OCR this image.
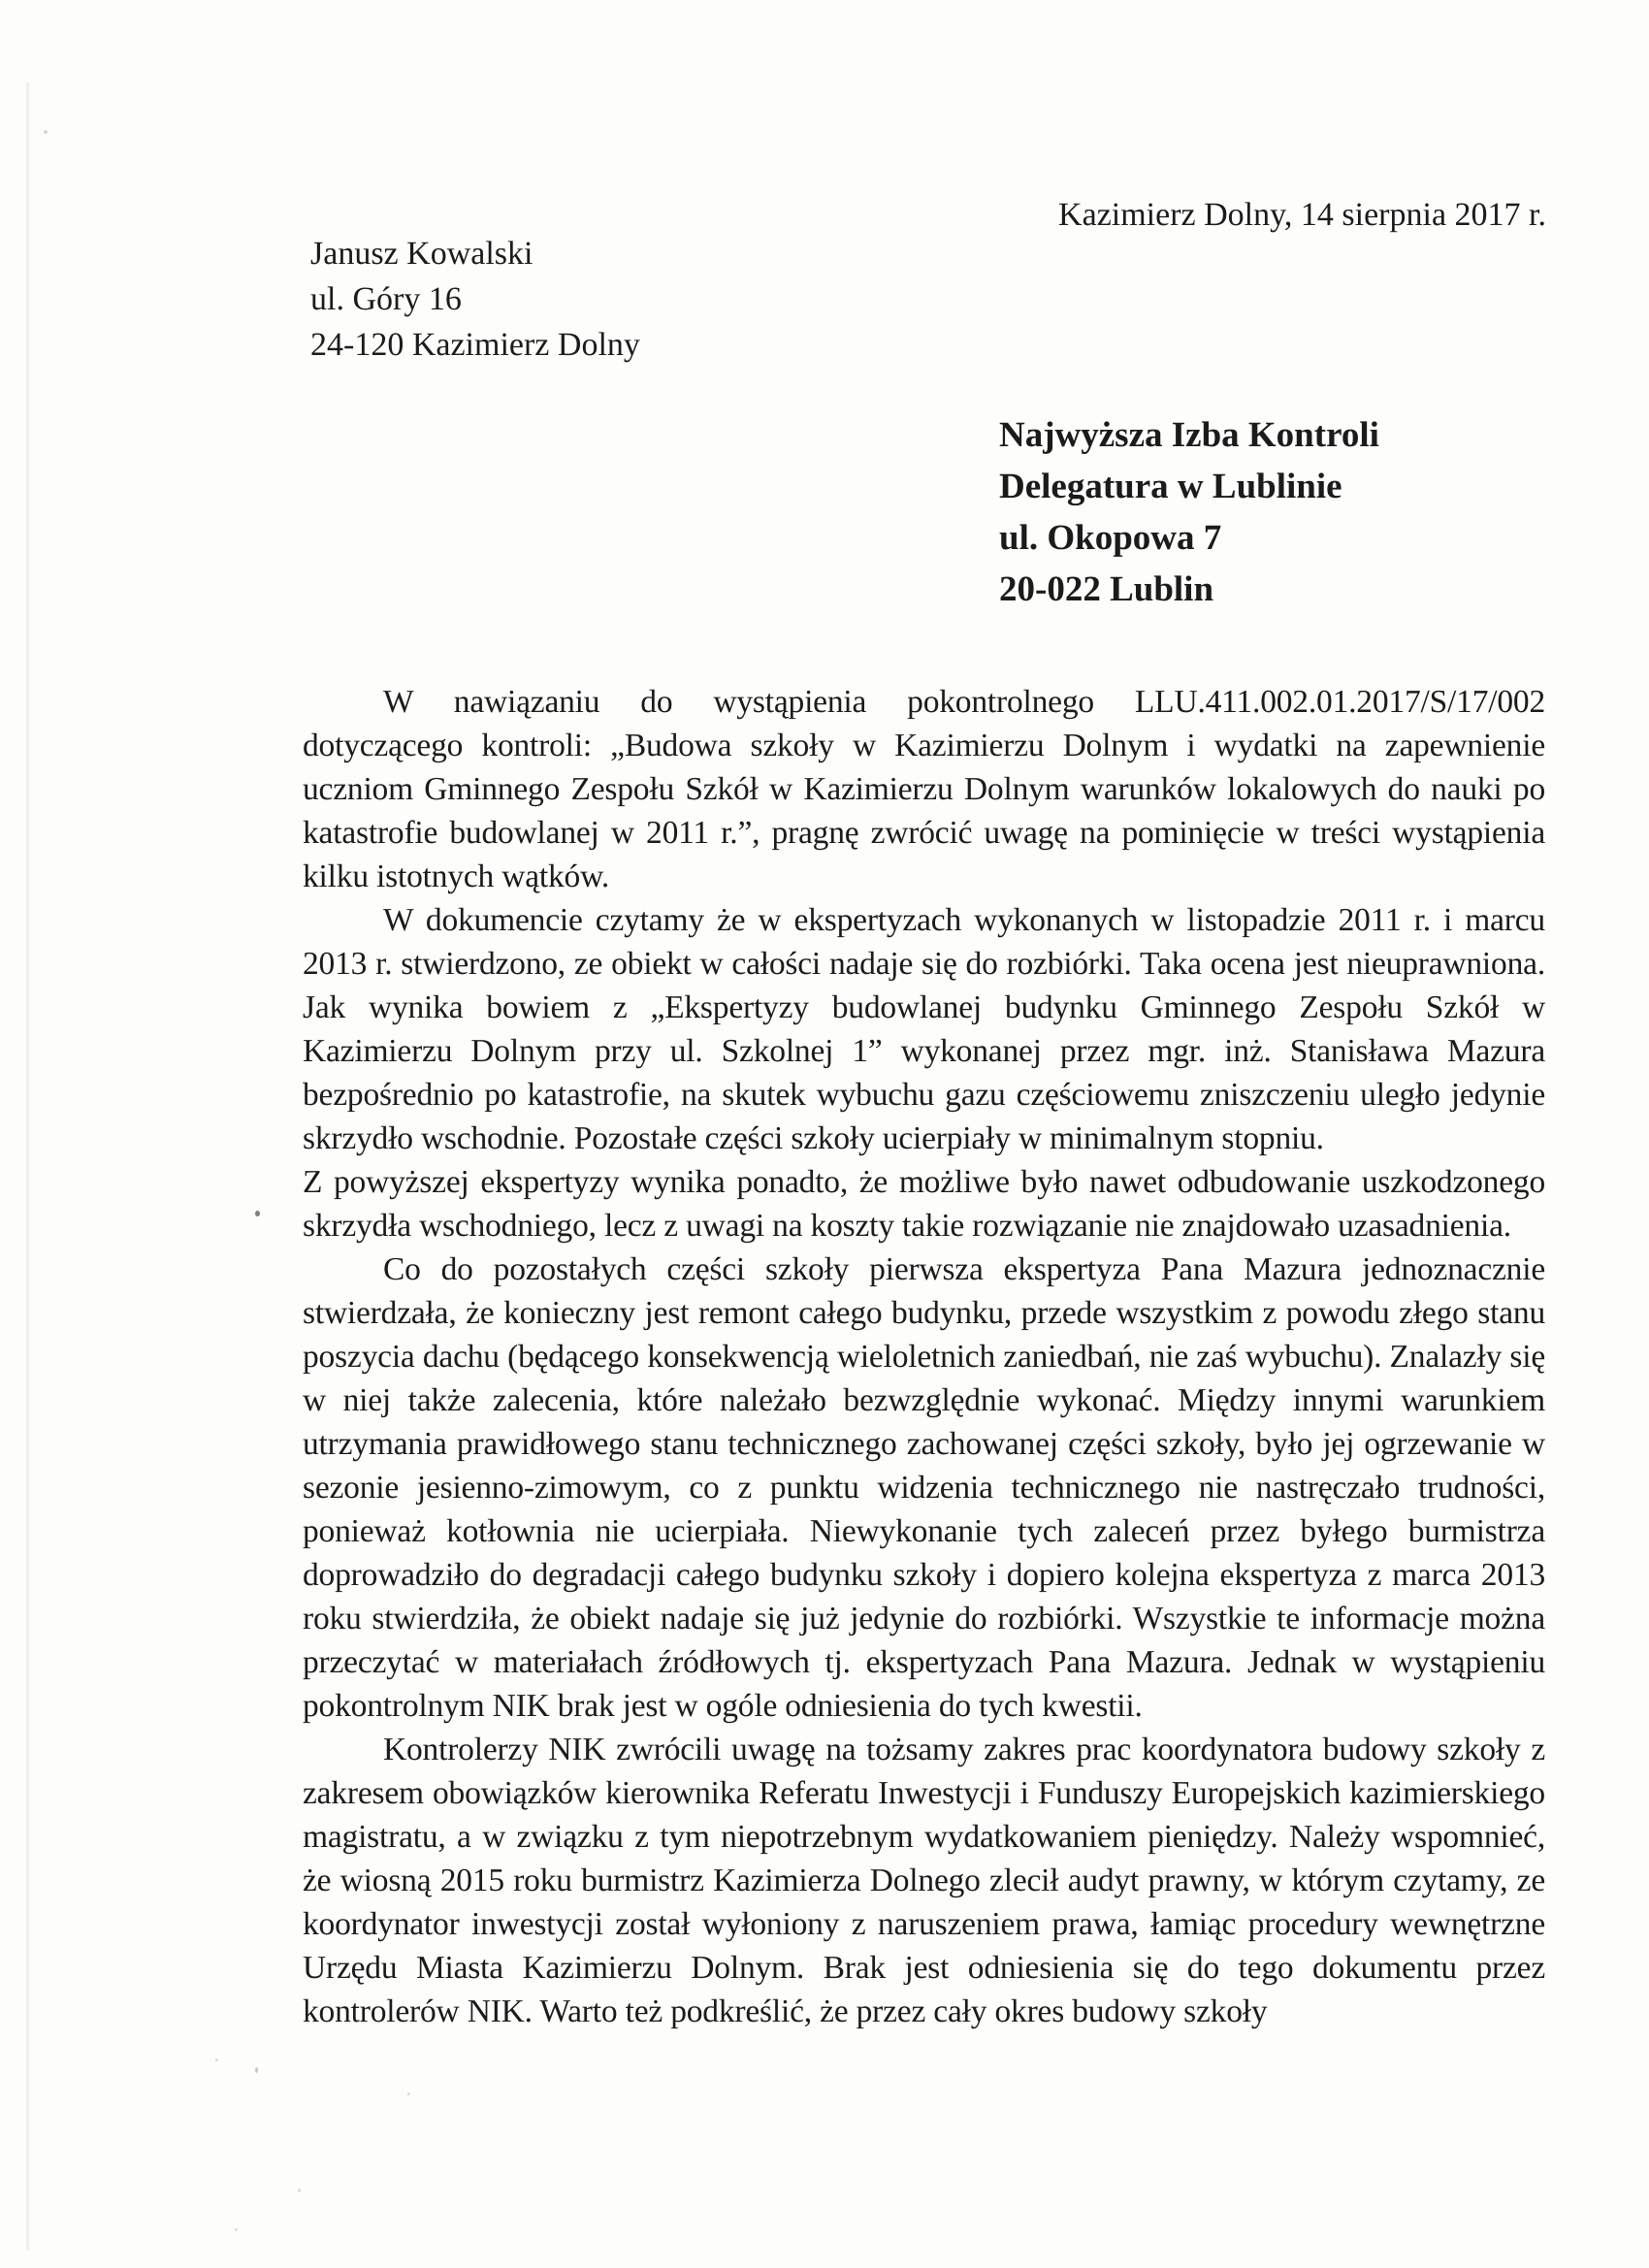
Kazimierz Dolny, 14 sierpnia 2017 r.
Janusz Kowalski
ul. Góry 16
24-120 Kazimierz Dolny
Najwyższa Izba Kontroli
Delegatura w Lublinie
ul. Okopowa 7
20-022 Lublin

W nawiązaniu do wystąpienia pokontrolnego LLU.411.002.01.2017/S/17/002 dotyczącego kontroli: „Budowa szkoły w Kazimierzu Dolnym i wydatki na zapewnienie uczniom Gminnego Zespołu Szkół w Kazimierzu Dolnym warunków lokalowych do nauki po katastrofie budowlanej w 2011 r.”, pragnę zwrócić uwagę na pominięcie w treści wystąpienia kilku istotnych wątków.

W dokumencie czytamy że w ekspertyzach wykonanych w listopadzie 2011 r. i marcu 2013 r. stwierdzono, ze obiekt w całości nadaje się do rozbiórki. Taka ocena jest nieuprawniona. Jak wynika bowiem z „Ekspertyzy budowlanej budynku Gminnego Zespołu Szkół w Kazimierzu Dolnym przy ul. Szkolnej 1” wykonanej przez mgr. inż. Stanisława Mazura bezpośrednio po katastrofie, na skutek wybuchu gazu częściowemu zniszczeniu uległo jedynie skrzydło wschodnie. Pozostałe części szkoły ucierpiały w minimalnym stopniu.

Z powyższej ekspertyzy wynika ponadto, że możliwe było nawet odbudowanie uszkodzonego skrzydła wschodniego, lecz z uwagi na koszty takie rozwiązanie nie znajdowało uzasadnienia.

Co do pozostałych części szkoły pierwsza ekspertyza Pana Mazura jednoznacznie stwierdzała, że konieczny jest remont całego budynku, przede wszystkim z powodu złego stanu poszycia dachu (będącego konsekwencją wieloletnich zaniedbań, nie zaś wybuchu). Znalazły się w niej także zalecenia, które należało bezwzględnie wykonać. Między innymi warunkiem utrzymania prawidłowego stanu technicznego zachowanej części szkoły, było jej ogrzewanie w sezonie jesienno-zimowym, co z punktu widzenia technicznego nie nastręczało trudności, ponieważ kotłownia nie ucierpiała. Niewykonanie tych zaleceń przez byłego burmistrza doprowadziło do degradacji całego budynku szkoły i dopiero kolejna ekspertyza z marca 2013 roku stwierdziła, że obiekt nadaje się już jedynie do rozbiórki. Wszystkie te informacje można przeczytać w materiałach źródłowych tj. ekspertyzach Pana Mazura. Jednak w wystąpieniu pokontrolnym NIK brak jest w ogóle odniesienia do tych kwestii.

Kontrolerzy NIK zwrócili uwagę na tożsamy zakres prac koordynatora budowy szkoły z zakresem obowiązków kierownika Referatu Inwestycji i Funduszy Europejskich kazimierskiego magistratu, a w związku z tym niepotrzebnym wydatkowaniem pieniędzy. Należy wspomnieć, że wiosną 2015 roku burmistrz Kazimierza Dolnego zlecił audyt prawny, w którym czytamy, ze koordynator inwestycji został wyłoniony z naruszeniem prawa, łamiąc procedury wewnętrzne Urzędu Miasta Kazimierzu Dolnym. Brak jest odniesienia się do tego dokumentu przez kontrolerów NIK. Warto też podkreślić, że przez cały okres budowy szkoły
